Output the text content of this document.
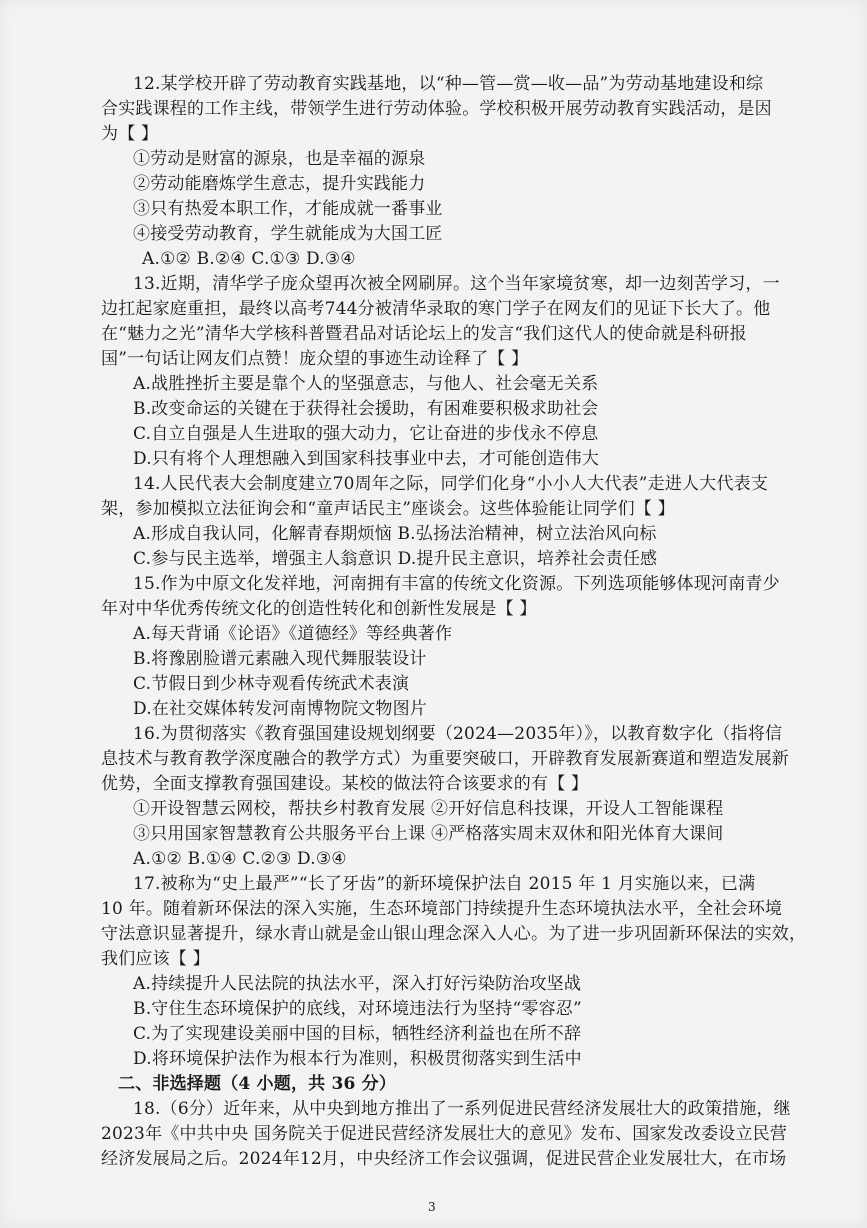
12.某学校开辟了劳动教育实践基地，以“种—管—赏—收—品”为劳动基地建设和综
合实践课程的工作主线，带领学生进行劳动体验。学校积极开展劳动教育实践活动，是因
为【 】
①劳动是财富的源泉，也是幸福的源泉
②劳动能磨炼学生意志，提升实践能力
③只有热爱本职工作，才能成就一番事业
④接受劳动教育，学生就能成为大国工匠
A.①② B.②④ C.①③ D.③④
13.近期，清华学子庞众望再次被全网刷屏。这个当年家境贫寒，却一边刻苦学习，一
边扛起家庭重担，最终以高考744分被清华录取的寒门学子在网友们的见证下长大了。他
在“魅力之光”清华大学核科普暨君品对话论坛上的发言“我们这代人的使命就是科研报
国”一句话让网友们点赞！庞众望的事迹生动诠释了【 】
A.战胜挫折主要是靠个人的坚强意志，与他人、社会毫无关系
B.改变命运的关键在于获得社会援助，有困难要积极求助社会
C.自立自强是人生进取的强大动力，它让奋进的步伐永不停息
D.只有将个人理想融入到国家科技事业中去，才可能创造伟大
14.人民代表大会制度建立70周年之际，同学们化身“小小人大代表”走进人大代表支
架，参加模拟立法征询会和“童声话民主”座谈会。这些体验能让同学们【 】
A.形成自我认同，化解青春期烦恼 B.弘扬法治精神，树立法治风向标
C.参与民主选举，增强主人翁意识 D.提升民主意识，培养社会责任感
15.作为中原文化发祥地，河南拥有丰富的传统文化资源。下列选项能够体现河南青少
年对中华优秀传统文化的创造性转化和创新性发展是【 】
A.每天背诵《论语》《道德经》等经典著作
B.将豫剧脸谱元素融入现代舞服装设计
C.节假日到少林寺观看传统武术表演
D.在社交媒体转发河南博物院文物图片
16.为贯彻落实《教育强国建设规划纲要（2024—2035年）》，以教育数字化（指将信
息技术与教育教学深度融合的教学方式）为重要突破口，开辟教育发展新赛道和塑造发展新
优势，全面支撑教育强国建设。某校的做法符合该要求的有【 】
①开设智慧云网校，帮扶乡村教育发展 ②开好信息科技课，开设人工智能课程
③只用国家智慧教育公共服务平台上课 ④严格落实周末双休和阳光体育大课间
A.①② B.①④ C.②③ D.③④
17.被称为“史上最严”“长了牙齿”的新环境保护法自 2015 年 1 月实施以来，已满
10 年。随着新环保法的深入实施，生态环境部门持续提升生态环境执法水平，全社会环境
守法意识显著提升，绿水青山就是金山银山理念深入人心。为了进一步巩固新环保法的实效，
我们应该【 】
A.持续提升人民法院的执法水平，深入打好污染防治攻坚战
B.守住生态环境保护的底线，对环境违法行为坚持“零容忍”
C.为了实现建设美丽中国的目标，牺牲经济利益也在所不辞
D.将环境保护法作为根本行为准则，积极贯彻落实到生活中
二、非选择题（4 小题，共 36 分）
18.（6分）近年来，从中央到地方推出了一系列促进民营经济发展壮大的政策措施，继
2023年《中共中央 国务院关于促进民营经济发展壮大的意见》发布、国家发改委设立民营
经济发展局之后。2024年12月，中央经济工作会议强调，促进民营企业发展壮大，在市场
3
